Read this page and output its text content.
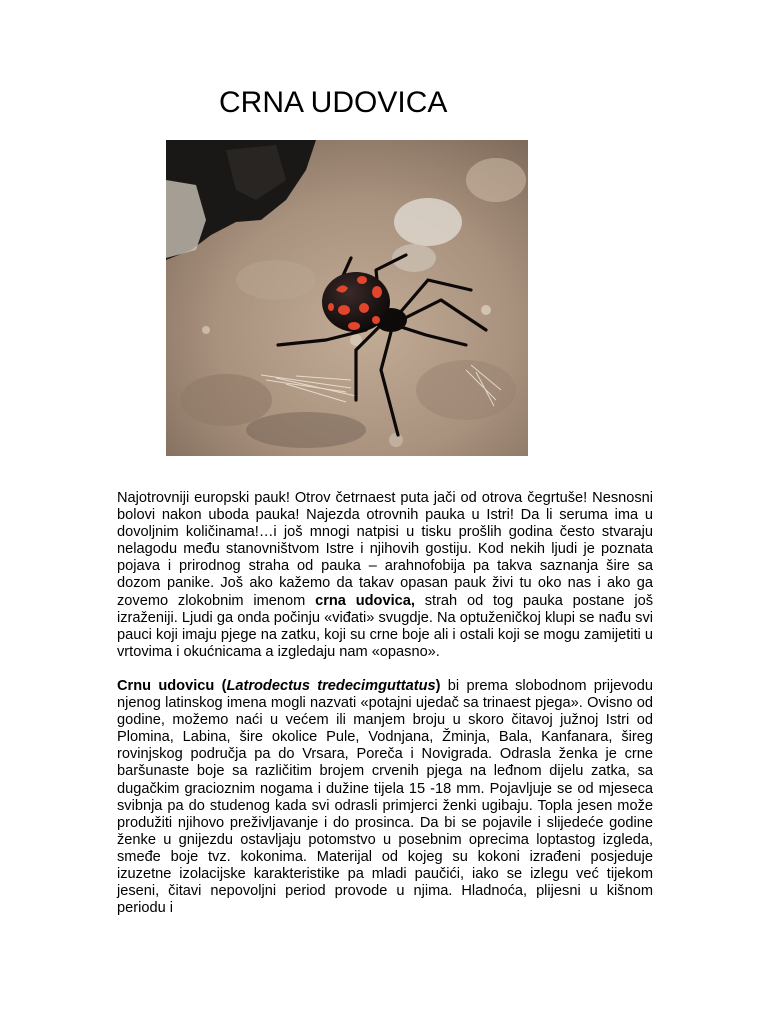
CRNA UDOVICA

Najotrovniji europski pauk! Otrov četrnaest puta jači od otrova čegrtuše! Nesnosni bolovi nakon uboda pauka! Najezda otrovnih pauka u Istri! Da li seruma ima u dovoljnim količinama!…i još mnogi natpisi u tisku prošlih godina često stvaraju nelagodu među stanovništvom Istre i njihovih gostiju. Kod nekih ljudi je poznata pojava i prirodnog straha od pauka – arahnofobija pa takva saznanja šire sa dozom panike. Još ako kažemo da takav opasan pauk živi tu oko nas i ako ga zovemo zlokobnim imenom crna udovica, strah od tog pauka postane još izraženiji. Ljudi ga onda počinju «viđati» svugdje. Na optuženičkoj klupi se nađu svi pauci koji imaju pjege na zatku, koji su crne boje ali i ostali koji se mogu zamijetiti u vrtovima i okućnicama a izgledaju nam «opasno».

Crnu udovicu (Latrodectus tredecimguttatus) bi prema slobodnom prijevodu njenog latinskog imena mogli nazvati «potajni ujedač sa trinaest pjega». Ovisno od godine, možemo naći u većem ili manjem broju u skoro čitavoj južnoj Istri od Plomina, Labina, šire okolice Pule, Vodnjana, Žminja, Bala, Kanfanara, šireg rovinjskog područja pa do Vrsara, Poreča i Novigrada. Odrasla ženka je crne baršunaste boje sa različitim brojem crvenih pjega na leđnom dijelu zatka, sa dugačkim gracioznim nogama i dužine tijela 15 -18 mm. Pojavljuje se od mjeseca svibnja pa do studenog kada svi odrasli primjerci ženki ugibaju. Topla jesen može produžiti njihovo preživljavanje i do prosinca. Da bi se pojavile i slijedeće godine ženke u gnijezdu ostavljaju potomstvo u posebnim oprecima loptastog izgleda, smeđe boje tvz. kokonima. Materijal od kojeg su kokoni izrađeni posjeduje izuzetne izolacijske karakteristike pa mladi paučići, iako se izlegu već tijekom jeseni, čitavi nepovoljni period provode u njima. Hladnoća, plijesni u kišnom periodu i
